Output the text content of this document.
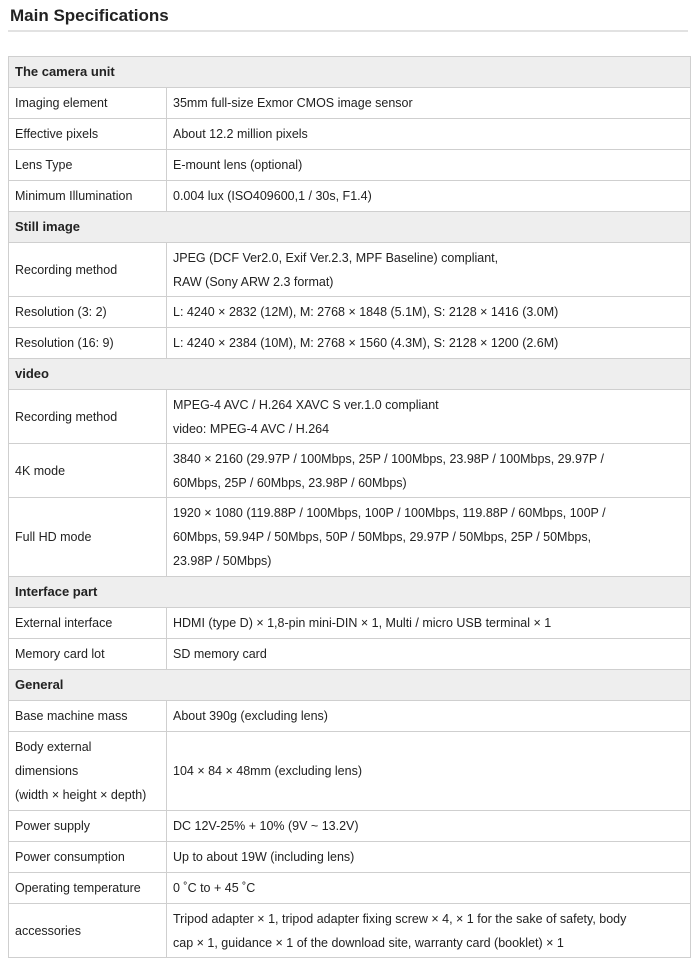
Main Specifications
The camera unit	
Imaging element	35mm full-size Exmor CMOS image sensor
Effective pixels	About 12.2 million pixels
Lens Type	E-mount lens (optional)
Minimum Illumination	0.004 lux (ISO409600,1 / 30s, F1.4)
Still image	
Recording method	JPEG (DCF Ver2.0, Exif Ver.2.3, MPF Baseline) compliant,
RAW (Sony ARW 2.3 format)

Resolution (3: 2)	L: 4240 × 2832 (12M), M: 2768 × 1848 (5.1M), S: 2128 × 1416 (3.0M)
Resolution (16: 9)	L: 4240 × 2384 (10M), M: 2768 × 1560 (4.3M), S: 2128 × 1200 (2.6M)
video	
Recording method	MPEG-4 AVC / H.264 XAVC S ver.1.0 compliant
video: MPEG-4 AVC / H.264

4K mode	3840 × 2160 (29.97P / 100Mbps, 25P / 100Mbps, 23.98P / 100Mbps, 29.97P /
60Mbps, 25P / 60Mbps, 23.98P / 60Mbps)

Full HD mode	1920 × 1080 (119.88P / 100Mbps, 100P / 100Mbps, 119.88P / 60Mbps, 100P /
60Mbps, 59.94P / 50Mbps, 50P / 50Mbps, 29.97P / 50Mbps, 25P / 50Mbps,
23.98P / 50Mbps)

Interface part	
External interface	HDMI (type D) × 1,8-pin mini-DIN × 1, Multi / micro USB terminal × 1
Memory card lot	SD memory card
General	
Base machine mass	About 390g (excluding lens)

Body external
dimensions
(width × height × depth)	104 × 84 × 48mm (excluding lens)
Power supply	DC 12V-25% + 10% (9V ~ 13.2V)
Power consumption	Up to about 19W (including lens)
Operating temperature	0 ˚C to + 45 ˚C
accessories	Tripod adapter × 1, tripod adapter fixing screw × 4, × 1 for the sake of safety, body
cap × 1, guidance × 1 of the download site, warranty card (booklet) × 1
